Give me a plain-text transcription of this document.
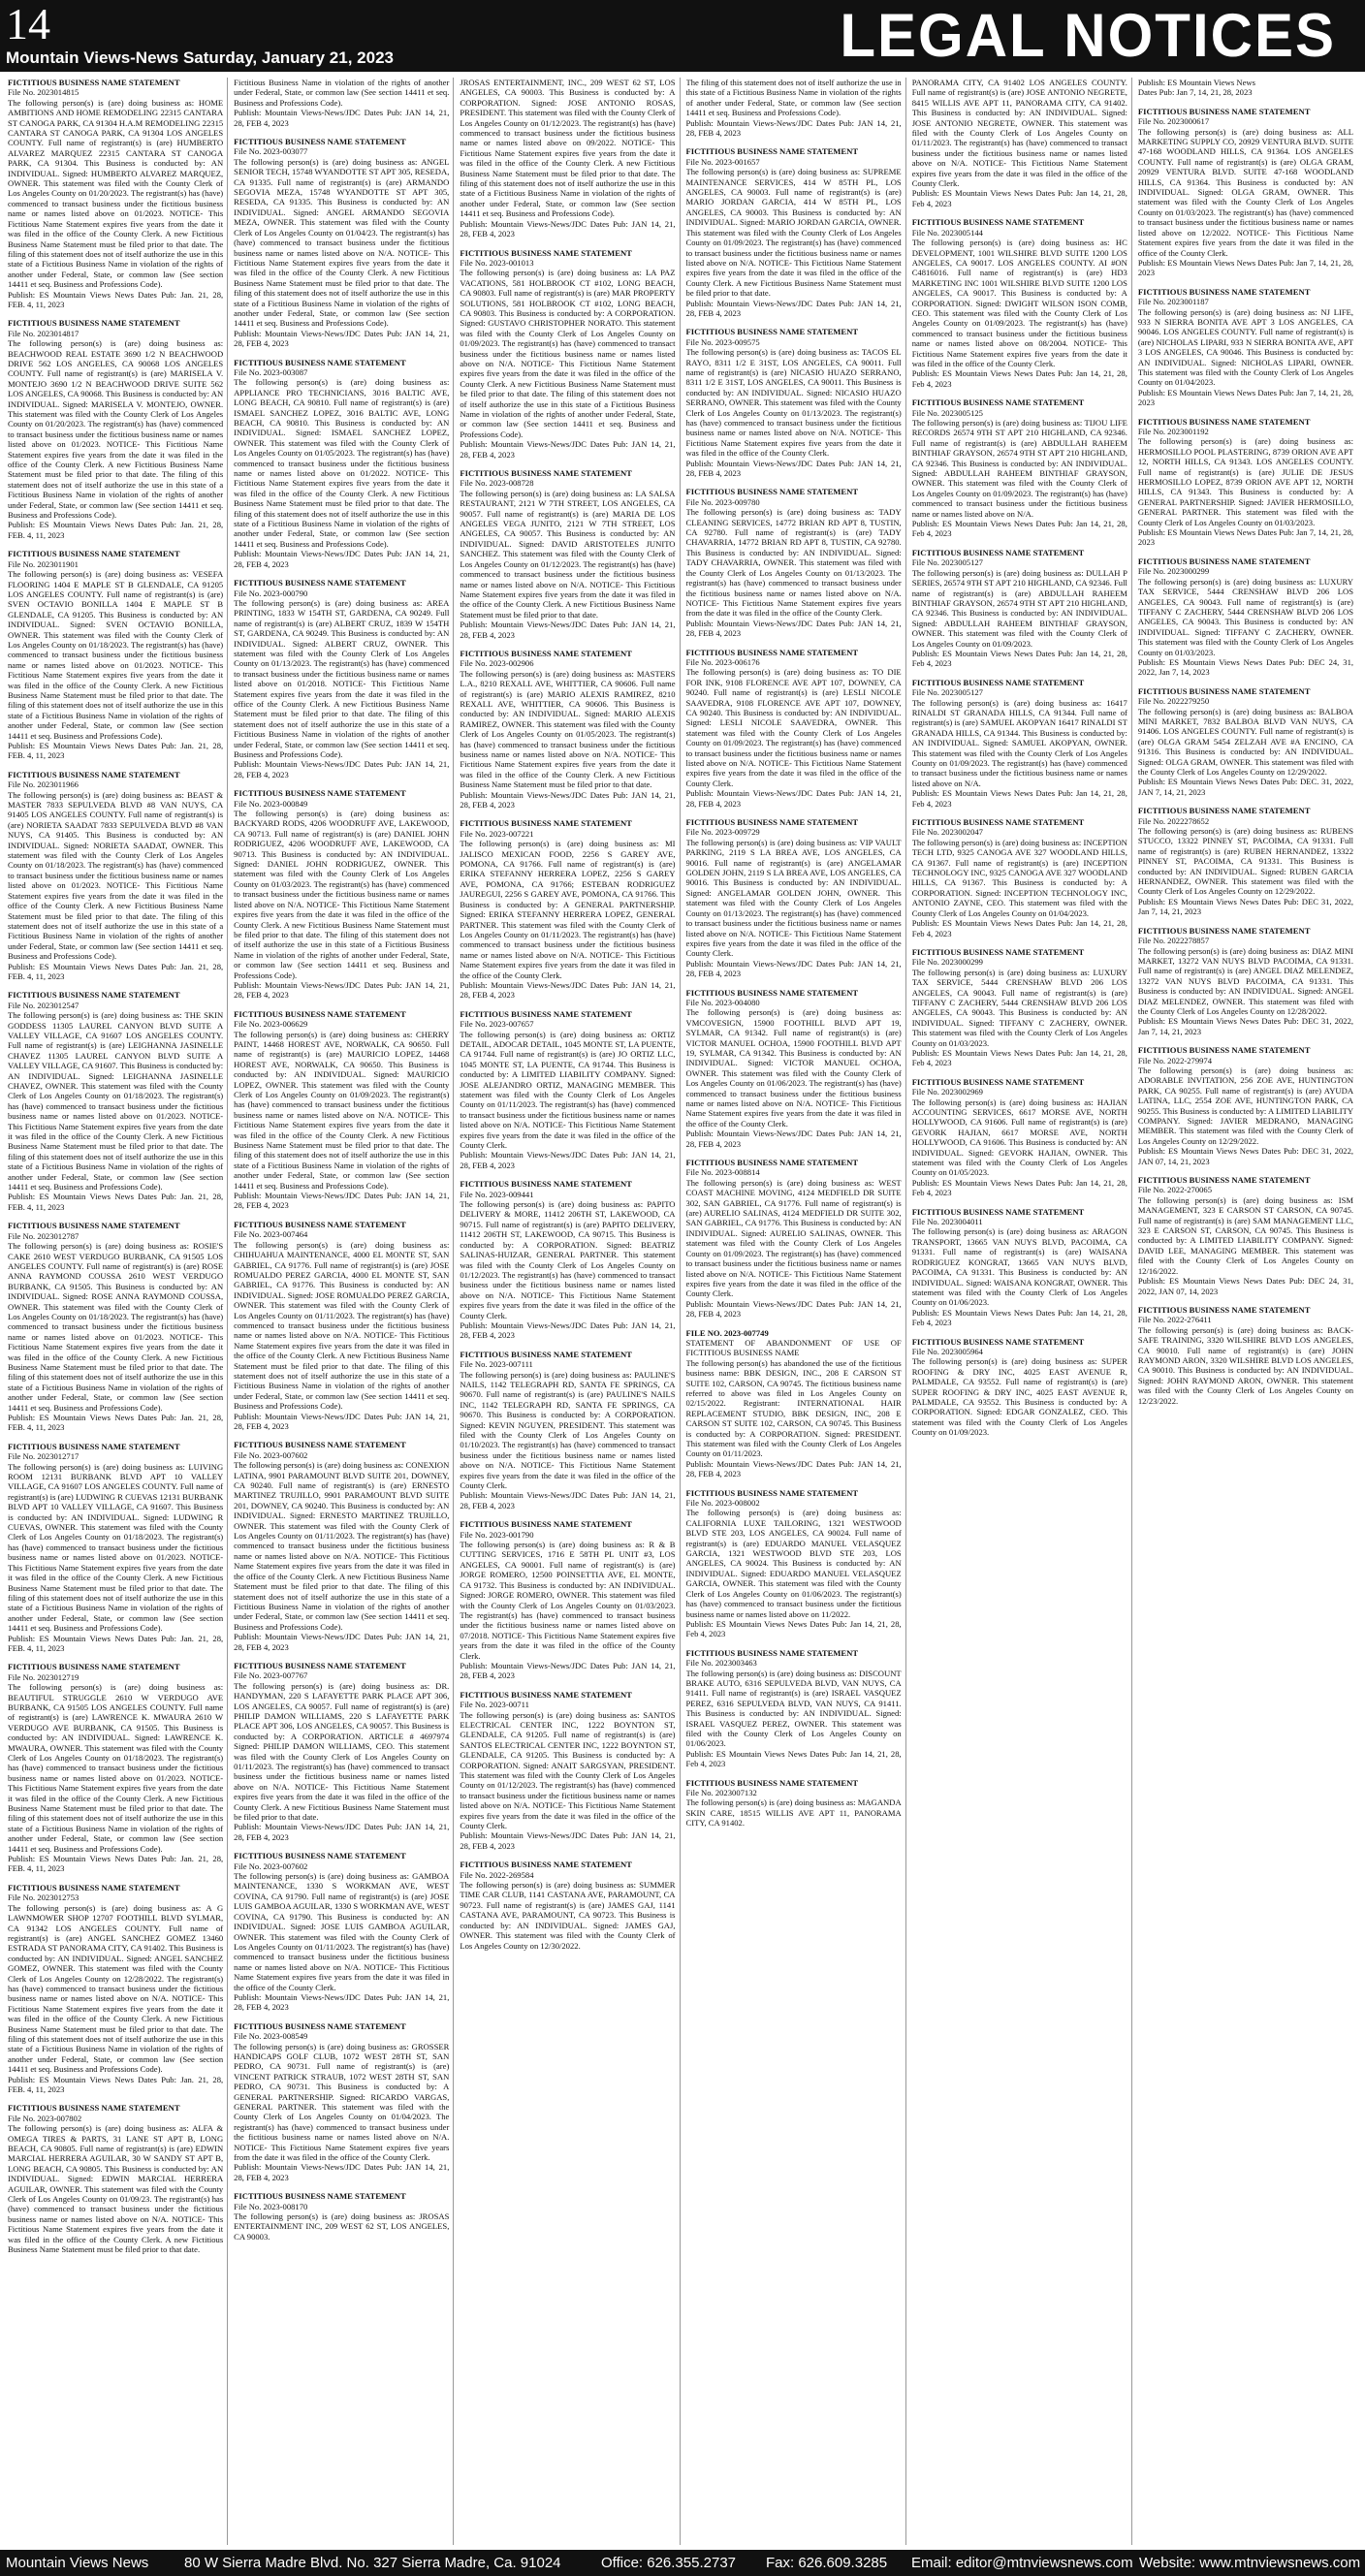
14
Mountain Views-News Saturday, January 21, 2023	LEGAL NOTICES
FICTITIOUS BUSINESS NAME STATEMENT
File No. 2023014815
The following person(s) is (are) doing business as: HOME AMBITIONS AND HOME REMODELING 22315 CANTARA ST CANOGA PARK, CA 91304 H.A.M REMODELING 22315 CANTARA ST CANOGA PARK, CA 91304 LOS ANGELES COUNTY. Full name of registrant(s) is (are) HUMBERTO ALVAREZ MARQUEZ 22315 CANTARA ST CANOGA PARK, CA 91304. This Business is conducted by: AN INDIVIDUAL. Signed: HUMBERTO ALVAREZ MARQUEZ, OWNER. This statement was filed with the County Clerk of Los Angeles County on 01/20/2023. The registrant(s) has (have) commenced to transact business under the fictitious business name or names listed above on 01/2023. NOTICE- This Fictitious Name Statement expires five years from the date it was filed in the office of the County Clerk. A new Fictitious Business Name Statement must be filed prior to that date. The filing of this statement does not of itself authorize the use in this state of a Fictitious Business Name in violation of the rights of another under Federal, State, or common law (See section 14411 et seq. Business and Professions Code).
Publish: ES Mountain Views News Dates Pub: Jan. 21, 28, FEB. 4, 11, 2023
FICTITIOUS BUSINESS NAME STATEMENT
File No. 2023014817
The following person(s) is (are) doing business as: BEACHWOOD REAL ESTATE 3690 1/2 N BEACHWOOD DRIVE 562 LOS ANGELES, CA 90068 LOS ANGELES COUNTY. Full name of registrant(s) is (are) MARISELA V. MONTEJO 3690 1/2 N BEACHWOOD DRIVE SUITE 562 LOS ANGELES, CA 90068. This Business is conducted by: AN INDIVIDUAL. Signed: MARISELA V. MONTEJO, OWNER. This statement was filed with the County Clerk of Los Angeles County on 01/20/2023. The registrant(s) has (have) commenced to transact business under the fictitious business name or names listed above on 01/2023. NOTICE- This Fictitious Name Statement expires five years from the date it was filed in the office of the County Clerk. A new Fictitious Business Name Statement must be filed prior to that date. The filing of this statement does not of itself authorize the use in this state of a Fictitious Business Name in violation of the rights of another under Federal, State, or common law (See section 14411 et seq. Business and Professions Code).
Publish: ES Mountain Views News Dates Pub: Jan. 21, 28, FEB. 4, 11, 2023
FICTITIOUS BUSINESS NAME STATEMENT
File No. 2023011901
The following person(s) is (are) doing business as: VESEFA FLOORING 1404 E MAPLE ST B GLENDALE, CA 91205 LOS ANGELES COUNTY. Full name of registrant(s) is (are) SVEN OCTAVIO BONILLA 1404 E MAPLE ST B GLENDALE, CA 91205. This Business is conducted by: AN INDIVIDUAL. Signed: SVEN OCTAVIO BONILLA, OWNER. This statement was filed with the County Clerk of Los Angeles County on 01/18/2023. The registrant(s) has (have) commenced to transact business under the fictitious business name or names listed above on 01/2023. NOTICE- This Fictitious Name Statement expires five years from the date it was filed in the office of the County Clerk. A new Fictitious Business Name Statement must be filed prior to that date. The filing of this statement does not of itself authorize the use in this state of a Fictitious Business Name in violation of the rights of another under Federal, State, or common law (See section 14411 et seq. Business and Professions Code).
Publish: ES Mountain Views News Dates Pub: Jan. 21, 28, FEB. 4, 11, 2023
FICTITIOUS BUSINESS NAME STATEMENT
File No. 2023011966
The following person(s) is (are) doing business as: BEAST & MASTER 7833 SEPULVEDA BLVD #8 VAN NUYS, CA 91405 LOS ANGELES COUNTY. Full name of registrant(s) is (are) NORIETA SAADAT 7833 SEPULVEDA BLVD #8 VAN NUYS, CA 91405. This Business is conducted by: AN INDIVIDUAL. Signed: NORIETA SAADAT, OWNER. This statement was filed with the County Clerk of Los Angeles County on 01/18/2023. The registrant(s) has (have) commenced to transact business under the fictitious business name or names listed above on 01/2023. NOTICE- This Fictitious Name Statement expires five years from the date it was filed in the office of the County Clerk. A new Fictitious Business Name Statement must be filed prior to that date. The filing of this statement does not of itself authorize the use in this state of a Fictitious Business Name in violation of the rights of another under Federal, State, or common law (See section 14411 et seq. Business and Professions Code).
Publish: ES Mountain Views News Dates Pub: Jan. 21, 28, FEB. 4, 11, 2023
FICTITIOUS BUSINESS NAME STATEMENT
File No. 2023012547
The following person(s) is (are) doing business as: THE SKIN GODDESS 11305 LAUREL CANYON BLVD SUITE A VALLEY VILLAGE, CA 91607 LOS ANGELES COUNTY. Full name of registrant(s) is (are) LEIGHANNA JASINELLE CHAVEZ 11305 LAUREL CANYON BLVD SUITE A VALLEY VILLAGE, CA 91607. This Business is conducted by: AN INDIVIDUAL. Signed: LEIGHANNA JASINELLE CHAVEZ, OWNER. This statement was filed with the County Clerk of Los Angeles County on 01/18/2023. The registrant(s) has (have) commenced to transact business under the fictitious business name or names listed above on 01/2023. NOTICE- This Fictitious Name Statement expires five years from the date it was filed in the office of the County Clerk. A new Fictitious Business Name Statement must be filed prior to that date. The filing of this statement does not of itself authorize the use in this state of a Fictitious Business Name in violation of the rights of another under Federal, State, or common law (See section 14411 et seq. Business and Professions Code).
Publish: ES Mountain Views News Dates Pub: Jan. 21, 28, FEB. 4, 11, 2023
FICTITIOUS BUSINESS NAME STATEMENT
File No. 2023012787
The following person(s) is (are) doing business as: ROSIE'S CAKE 2610 WEST VERDUGO BURBANK, CA 91505 LOS ANGELES COUNTY. Full name of registrant(s) is (are) ROSE ANNA RAYMOND COUSSA 2610 WEST VERDUGO BURBANK, CA 91505. This Business is conducted by: AN INDIVIDUAL. Signed: ROSE ANNA RAYMOND COUSSA, OWNER. This statement was filed with the County Clerk of Los Angeles County on 01/18/2023. The registrant(s) has (have) commenced to transact business under the fictitious business name or names listed above on 01/2023. NOTICE- This Fictitious Name Statement expires five years from the date it was filed in the office of the County Clerk. A new Fictitious Business Name Statement must be filed prior to that date. The filing of this statement does not of itself authorize the use in this state of a Fictitious Business Name in violation of the rights of another under Federal, State, or common law (See section 14411 et seq. Business and Professions Code).
Publish: ES Mountain Views News Dates Pub: Jan. 21, 28, FEB. 4, 11, 2023
FICTITIOUS BUSINESS NAME STATEMENT
File No. 2023012717
The following person(s) is (are) doing business as: LUIVING ROOM 12131 BURBANK BLVD APT 10 VALLEY VILLAGE, CA 91607 LOS ANGELES COUNTY. Full name of registrant(s) is (are) LUDWING R CUEVAS 12131 BURBANK BLVD APT 10 VALLEY VILLAGE, CA 91607. This Business is conducted by: AN INDIVIDUAL. Signed: LUDWING R CUEVAS, OWNER. This statement was filed with the County Clerk of Los Angeles County on 01/18/2023. The registrant(s) has (have) commenced to transact business under the fictitious business name or names listed above on 01/2023. NOTICE- This Fictitious Name Statement expires five years from the date it was filed in the office of the County Clerk. A new Fictitious Business Name Statement must be filed prior to that date. The filing of this statement does not of itself authorize the use in this state of a Fictitious Business Name in violation of the rights of another under Federal, State, or common law (See section 14411 et seq. Business and Professions Code).
Publish: ES Mountain Views News Dates Pub: Jan. 21, 28, FEB. 4, 11, 2023
FICTITIOUS BUSINESS NAME STATEMENT
File No. 2023012719
The following person(s) is (are) doing business as: BEAUTIFUL STRUGGLE 2610 W VERDUGO AVE BURBANK, CA 91505 LOS ANGELES COUNTY. Full name of registrant(s) is (are) LAWRENCE K. MWAURA 2610 W VERDUGO AVE BURBANK, CA 91505. This Business is conducted by: AN INDIVIDUAL. Signed: LAWRENCE K. MWAURA, OWNER. This statement was filed with the County Clerk of Los Angeles County on 01/18/2023. The registrant(s) has (have) commenced to transact business under the fictitious business name or names listed above on 01/2023. NOTICE- This Fictitious Name Statement expires five years from the date it was filed in the office of the County Clerk. A new Fictitious Business Name Statement must be filed prior to that date. The filing of this statement does not of itself authorize the use in this state of a Fictitious Business Name in violation of the rights of another under Federal, State, or common law (See section 14411 et seq. Business and Professions Code).
Publish: ES Mountain Views News Dates Pub: Jan. 21, 28, FEB. 4, 11, 2023
FICTITIOUS BUSINESS NAME STATEMENT
File No. 2023012753
The following person(s) is (are) doing business as: A G LAWNMOWER SHOP 12707 FOOTHILL BLVD SYLMAR, CA 91342 LOS ANGELES COUNTY. Full name of registrant(s) is (are) ANGEL SANCHEZ GOMEZ 13460 ESTRADA ST PANORAMA CITY, CA 91402. This Business is conducted by: AN INDIVIDUAL. Signed: ANGEL SANCHEZ GOMEZ, OWNER. This statement was filed with the County Clerk of Los Angeles County on 12/28/2022. The registrant(s) has (have) commenced to transact business under the fictitious business name or names listed above on N/A. NOTICE- This Fictitious Name Statement expires five years from the date it was filed in the office of the County Clerk. A new Fictitious Business Name Statement must be filed prior to that date. The filing of this statement does not of itself authorize the use in this state of a Fictitious Business Name in violation of the rights of another under Federal, State, or common law (See section 14411 et seq. Business and Professions Code).
Publish: ES Mountain Views News Dates Pub: Jan. 21, 28, FEB. 4, 11, 2023
FICTITIOUS BUSINESS NAME STATEMENT
File No. 2023-007802
The following person(s) is (are) doing business as: ALFA & OMEGA TIRES & PARTS, 31 LANE ST APT B, LONG BEACH, CA 90805. Full name of registrant(s) is (are) EDWIN MARCIAL HERRERA AGUILAR, 30 W SANDY ST APT B, LONG BEACH, CA 90805. This Business is conducted by: AN INDIVIDUAL. Signed: EDWIN MARCIAL HERRERA AGUILAR, OWNER. This statement was filed with the County Clerk of Los Angeles County on 01/09/23. The registrant(s) has (have) commenced to transact business under the fictitious business name or names listed above on N/A. NOTICE- This Fictitious Name Statement expires five years from the date it was filed in the office of the County Clerk. A new Fictitious Business Name Statement must be filed prior to that date.
Fictitious Business Name in violation of the rights of another under Federal, State, or common law (See section 14411 et seq. Business and Professions Code).
Publish: Mountain Views-News/JDC Dates Pub: JAN 14, 21, 28, FEB 4, 2023
FICTITIOUS BUSINESS NAME STATEMENT
File No. 2023-003077
The following person(s) is (are) doing business as: ANGEL SENIOR TECH, 15748 WYANDOTTE ST APT 305, RESEDA, CA 91335. Full name of registrant(s) is (are) ARMANDO SEGOVIA MEZA, 15748 WYANDOTTE ST APT 305, RESEDA, CA 91335. This Business is conducted by: AN INDIVIDUAL. Signed: ANGEL ARMANDO SEGOVIA MEZA, OWNER. This statement was filed with the County Clerk of Los Angeles County on 01/04/23. The registrant(s) has (have) commenced to transact business under the fictitious business name or names listed above on N/A. NOTICE- This Fictitious Name Statement expires five years from the date it was filed in the office of the County Clerk. A new Fictitious Business Name Statement must be filed prior to that date. The filing of this statement does not of itself authorize the use in this state of a Fictitious Business Name in violation of the rights of another under Federal, State, or common law (See section 14411 et seq. Business and Professions Code).
Publish: Mountain Views-News/JDC Dates Pub: JAN 14, 21, 28, FEB 4, 2023
FICTITIOUS BUSINESS NAME STATEMENT
File No. 2023-003087
The following person(s) is (are) doing business as: APPLIANCE PRO TECHNICIANS, 3016 BALTIC AVE, LONG BEACH, CA 90810. Full name of registrant(s) is (are) ISMAEL SANCHEZ LOPEZ, 3016 BALTIC AVE, LONG BEACH, CA 90810. This Business is conducted by: AN INDIVIDUAL. Signed: ISMAEL SANCHEZ LOPEZ, OWNER. This statement was filed with the County Clerk of Los Angeles County on 01/05/2023. The registrant(s) has (have) commenced to transact business under the fictitious business name or names listed above on 01/2022. NOTICE- This Fictitious Name Statement expires five years from the date it was filed in the office of the County Clerk. A new Fictitious Business Name Statement must be filed prior to that date. The filing of this statement does not of itself authorize the use in this state of a Fictitious Business Name in violation of the rights of another under Federal, State, or common law (See section 14411 et seq. Business and Professions Code).
Publish: Mountain Views-News/JDC Dates Pub: JAN 14, 21, 28, FEB 4, 2023
FICTITIOUS BUSINESS NAME STATEMENT
File No. 2023-000790
The following person(s) is (are) doing business as: AREA PRINTING, 1833 W 154TH ST, GARDENA, CA 90249. Full name of registrant(s) is (are) ALBERT CRUZ, 1839 W 154TH ST, GARDENA, CA 90249. This Business is conducted by: AN INDIVIDUAL. Signed: ALBERT CRUZ, OWNER. This statement was filed with the County Clerk of Los Angeles County on 01/13/2023. The registrant(s) has (have) commenced to transact business under the fictitious business name or names listed above on 01/2018. NOTICE- This Fictitious Name Statement expires five years from the date it was filed in the office of the County Clerk. A new Fictitious Business Name Statement must be filed prior to that date. The filing of this statement does not of itself authorize the use in this state of a Fictitious Business Name in violation of the rights of another under Federal, State, or common law (See section 14411 et seq. Business and Professions Code).
Publish: Mountain Views-News/JDC Dates Pub: JAN 14, 21, 28, FEB 4, 2023
FICTITIOUS BUSINESS NAME STATEMENT
File No. 2023-000849
The following person(s) is (are) doing business as: BACKYARD RODS, 4206 WOODRUFF AVE, LAKEWOOD, CA 90713. Full name of registrant(s) is (are) DANIEL JOHN RODRIGUEZ, 4206 WOODRUFF AVE, LAKEWOOD, CA 90713. This Business is conducted by: AN INDIVIDUAL. Signed: DANIEL JOHN RODRIGUEZ, OWNER. This statement was filed with the County Clerk of Los Angeles County on 01/03/2023. The registrant(s) has (have) commenced to transact business under the fictitious business name or names listed above on N/A. NOTICE- This Fictitious Name Statement expires five years from the date it was filed in the office of the County Clerk. A new Fictitious Business Name Statement must be filed prior to that date. The filing of this statement does not of itself authorize the use in this state of a Fictitious Business Name in violation of the rights of another under Federal, State, or common law (See section 14411 et seq. Business and Professions Code).
Publish: Mountain Views-News/JDC Dates Pub: JAN 14, 21, 28, FEB 4, 2023
FICTITIOUS BUSINESS NAME STATEMENT
File No. 2023-006629
The following person(s) is (are) doing business as: CHERRY PAINT, 14468 HOREST AVE, NORWALK, CA 90650. Full name of registrant(s) is (are) MAURICIO LOPEZ, 14468 HOREST AVE, NORWALK, CA 90650. This Business is conducted by: AN INDIVIDUAL. Signed: MAURICIO LOPEZ, OWNER. This statement was filed with the County Clerk of Los Angeles County on 01/09/2023. The registrant(s) has (have) commenced to transact business under the fictitious business name or names listed above on N/A. NOTICE- This Fictitious Name Statement expires five years from the date it was filed in the office of the County Clerk. A new Fictitious Business Name Statement must be filed prior to that date. The filing of this statement does not of itself authorize the use in this state of a Fictitious Business Name in violation of the rights of another under Federal, State, or common law (See section 14411 et seq. Business and Professions Code).
Publish: Mountain Views-News/JDC Dates Pub: JAN 14, 21, 28, FEB 4, 2023
FICTITIOUS BUSINESS NAME STATEMENT
File No. 2023-007464
The following person(s) is (are) doing business as: CHIHUAHUA MAINTENANCE, 4000 EL MONTE ST, SAN GABRIEL, CA 91776. Full name of registrant(s) is (are) JOSE ROMUALDO PEREZ GARCIA, 4000 EL MONTE ST, SAN GABRIEL, CA 91776. This Business is conducted by: AN INDIVIDUAL. Signed: JOSE ROMUALDO PEREZ GARCIA, OWNER. This statement was filed with the County Clerk of Los Angeles County on 01/11/2023. The registrant(s) has (have) commenced to transact business under the fictitious business name or names listed above on N/A. NOTICE- This Fictitious Name Statement expires five years from the date it was filed in the office of the County Clerk. A new Fictitious Business Name Statement must be filed prior to that date. The filing of this statement does not of itself authorize the use in this state of a Fictitious Business Name in violation of the rights of another under Federal, State, or common law (See section 14411 et seq. Business and Professions Code).
Publish: Mountain Views-News/JDC Dates Pub: JAN 14, 21, 28, FEB 4, 2023
FICTITIOUS BUSINESS NAME STATEMENT
File No. 2023-007602
The following person(s) is (are) doing business as: CONEXION LATINA, 9901 PARAMOUNT BLVD SUITE 201, DOWNEY, CA 90240. Full name of registrant(s) is (are) ERNESTO MARTINEZ TRUJILLO, 9901 PARAMOUNT BLVD SUITE 201, DOWNEY, CA 90240. This Business is conducted by: AN INDIVIDUAL. Signed: ERNESTO MARTINEZ TRUJILLO, OWNER. This statement was filed with the County Clerk of Los Angeles County on 01/11/2023. The registrant(s) has (have) commenced to transact business under the fictitious business name or names listed above on N/A. NOTICE- This Fictitious Name Statement expires five years from the date it was filed in the office of the County Clerk. A new Fictitious Business Name Statement must be filed prior to that date. The filing of this statement does not of itself authorize the use in this state of a Fictitious Business Name in violation of the rights of another under Federal, State, or common law (See section 14411 et seq. Business and Professions Code).
Publish: Mountain Views-News/JDC Dates Pub: JAN 14, 21, 28, FEB 4, 2023
FICTITIOUS BUSINESS NAME STATEMENT
File No. 2023-007767
The following person(s) is (are) doing business as: DR. HANDYMAN, 220 S LAFAYETTE PARK PLACE APT 306, LOS ANGELES, CA 90057. Full name of registrant(s) is (are) PHILIP DAMON WILLIAMS, 220 S LAFAYETTE PARK PLACE APT 306, LOS ANGELES, CA 90057. This Business is conducted by: A CORPORATION. ARTICLE # 4697974 Signed: PHILIP DAMON WILLIAMS, CEO. This statement was filed with the County Clerk of Los Angeles County on 01/11/2023. The registrant(s) has (have) commenced to transact business under the fictitious business name or names listed above on N/A. NOTICE- This Fictitious Name Statement expires five years from the date it was filed in the office of the County Clerk. A new Fictitious Business Name Statement must be filed prior to that date.
Publish: Mountain Views-News/JDC Dates Pub: JAN 14, 21, 28, FEB 4, 2023
FICTITIOUS BUSINESS NAME STATEMENT
File No. 2023-007602
The following person(s) is (are) doing business as: GAMBOA MAINTENANCE, 1330 S WORKMAN AVE, WEST COVINA, CA 91790. Full name of registrant(s) is (are) JOSE LUIS GAMBOA AGUILAR, 1330 S WORKMAN AVE, WEST COVINA, CA 91790. This Business is conducted by: AN INDIVIDUAL. Signed: JOSE LUIS GAMBOA AGUILAR, OWNER. This statement was filed with the County Clerk of Los Angeles County on 01/11/2023. The registrant(s) has (have) commenced to transact business under the fictitious business name or names listed above on N/A. NOTICE- This Fictitious Name Statement expires five years from the date it was filed in the office of the County Clerk.
Publish: Mountain Views-News/JDC Dates Pub: JAN 14, 21, 28, FEB 4, 2023
FICTITIOUS BUSINESS NAME STATEMENT
File No. 2023-008549
The following person(s) is (are) doing business as: GROSSER HANDICAPS GOLF CLUB, 1072 WEST 28TH ST, SAN PEDRO, CA 90731. Full name of registrant(s) is (are) VINCENT PATRICK STRAUB, 1072 WEST 28TH ST, SAN PEDRO, CA 90731. This Business is conducted by: A GENERAL PARTNERSHIP. Signed: RICARDO VARGAS, GENERAL PARTNER. This statement was filed with the County Clerk of Los Angeles County on 01/04/2023. The registrant(s) has (have) commenced to transact business under the fictitious business name or names listed above on N/A. NOTICE- This Fictitious Name Statement expires five years from the date it was filed in the office of the County Clerk.
Publish: Mountain Views-News/JDC Dates Pub: JAN 14, 21, 28, FEB 4, 2023
FICTITIOUS BUSINESS NAME STATEMENT
File No. 2023-008170
The following person(s) is (are) doing business as: JROSAS ENTERTAINMENT INC, 209 WEST 62 ST, LOS ANGELES, CA 90003.
JROSAS ENTERTAINMENT, INC., 209 WEST 62 ST, LOS ANGELES, CA 90003. This Business is conducted by: A CORPORATION. Signed: JOSE ANTONIO ROSAS, PRESIDENT. This statement was filed with the County Clerk of Los Angeles County on 01/12/2023. The registrant(s) has (have) commenced to transact business under the fictitious business name or names listed above on 09/2022. NOTICE- This Fictitious Name Statement expires five years from the date it was filed in the office of the County Clerk. A new Fictitious Business Name Statement must be filed prior to that date. The filing of this statement does not of itself authorize the use in this state of a Fictitious Business Name in violation of the rights of another under Federal, State, or common law (See section 14411 et seq. Business and Professions Code).
Publish: Mountain Views-News/JDC Dates Pub: JAN 14, 21, 28, FEB 4, 2023
FICTITIOUS BUSINESS NAME STATEMENT
File No. 2023-001013
The following person(s) is (are) doing business as: LA PAZ VACATIONS, 581 HOLBROOK CT #102, LONG BEACH, CA 90803. Full name of registrant(s) is (are) MAR PROPERTY SOLUTIONS, 581 HOLBROOK CT #102, LONG BEACH, CA 90803. This Business is conducted by: A CORPORATION. Signed: GUSTAVO CHRISTOPHER NORATO. This statement was filed with the County Clerk of Los Angeles County on 01/09/2023. The registrant(s) has (have) commenced to transact business under the fictitious business name or names listed above on N/A. NOTICE- This Fictitious Name Statement expires five years from the date it was filed in the office of the County Clerk. A new Fictitious Business Name Statement must be filed prior to that date. The filing of this statement does not of itself authorize the use in this state of a Fictitious Business Name in violation of the rights of another under Federal, State, or common law (See section 14411 et seq. Business and Professions Code).
Publish: Mountain Views-News/JDC Dates Pub: JAN 14, 21, 28, FEB 4, 2023
FICTITIOUS BUSINESS NAME STATEMENT
File No. 2023-008728
The following person(s) is (are) doing business as: LA SALSA RESTAURANT, 2121 W 7TH STREET, LOS ANGELES, CA 90057. Full name of registrant(s) is (are) MARIA DE LOS ANGELES VEGA JUNITO, 2121 W 7TH STREET, LOS ANGELES, CA 90057. This Business is conducted by: AN INDIVIDUAL. Signed: DAVID ARISTOTELES JUNITO SANCHEZ. This statement was filed with the County Clerk of Los Angeles County on 01/12/2023. The registrant(s) has (have) commenced to transact business under the fictitious business name or names listed above on N/A. NOTICE- This Fictitious Name Statement expires five years from the date it was filed in the office of the County Clerk. A new Fictitious Business Name Statement must be filed prior to that date.
Publish: Mountain Views-News/JDC Dates Pub: JAN 14, 21, 28, FEB 4, 2023
FICTITIOUS BUSINESS NAME STATEMENT
File No. 2023-002906
The following person(s) is (are) doing business as: MASTERS L.A., 8210 REXALL AVE, WHITTIER, CA 90606. Full name of registrant(s) is (are) MARIO ALEXIS RAMIREZ, 8210 REXALL AVE, WHITTIER, CA 90606. This Business is conducted by: AN INDIVIDUAL. Signed: MARIO ALEXIS RAMIREZ, OWNER. This statement was filed with the County Clerk of Los Angeles County on 01/05/2023. The registrant(s) has (have) commenced to transact business under the fictitious business name or names listed above on N/A. NOTICE- This Fictitious Name Statement expires five years from the date it was filed in the office of the County Clerk. A new Fictitious Business Name Statement must be filed prior to that date.
Publish: Mountain Views-News/JDC Dates Pub: JAN 14, 21, 28, FEB 4, 2023
FICTITIOUS BUSINESS NAME STATEMENT
File No. 2023-007221
The following person(s) is (are) doing business as: MI JALISCO MEXICAN FOOD, 2256 S GAREY AVE, POMONA, CA 91766. Full name of registrant(s) is (are) ERIKA STEFANNY HERRERA LOPEZ, 2256 S GAREY AVE, POMONA, CA 91766; ESTEBAN RODRIGUEZ JAUREGUI, 2256 S GAREY AVE, POMONA, CA 91766. This Business is conducted by: A GENERAL PARTNERSHIP. Signed: ERIKA STEFANNY HERRERA LOPEZ, GENERAL PARTNER. This statement was filed with the County Clerk of Los Angeles County on 01/11/2023. The registrant(s) has (have) commenced to transact business under the fictitious business name or names listed above on N/A. NOTICE- This Fictitious Name Statement expires five years from the date it was filed in the office of the County Clerk.
Publish: Mountain Views-News/JDC Dates Pub: JAN 14, 21, 28, FEB 4, 2023
FICTITIOUS BUSINESS NAME STATEMENT
File No. 2023-007657
The following person(s) is (are) doing business as: ORTIZ DETAIL, ADOCAR DETAIL, 1045 MONTE ST, LA PUENTE, CA 91744. Full name of registrant(s) is (are) JO ORTIZ LLC, 1045 MONTE ST, LA PUENTE, CA 91744. This Business is conducted by: A LIMITED LIABILITY COMPANY. Signed: JOSE ALEJANDRO ORTIZ, MANAGING MEMBER. This statement was filed with the County Clerk of Los Angeles County on 01/11/2023. The registrant(s) has (have) commenced to transact business under the fictitious business name or names listed above on N/A. NOTICE- This Fictitious Name Statement expires five years from the date it was filed in the office of the County Clerk.
Publish: Mountain Views-News/JDC Dates Pub: JAN 14, 21, 28, FEB 4, 2023
FICTITIOUS BUSINESS NAME STATEMENT
File No. 2023-009441
The following person(s) is (are) doing business as: PAPITO DELIVERY & MORE, 11412 206TH ST, LAKEWOOD, CA 90715. Full name of registrant(s) is (are) PAPITO DELIVERY, 11412 206TH ST, LAKEWOOD, CA 90715. This Business is conducted by: A CORPORATION. Signed: BEATRIZ SALINAS-HUIZAR, GENERAL PARTNER. This statement was filed with the County Clerk of Los Angeles County on 01/12/2023. The registrant(s) has (have) commenced to transact business under the fictitious business name or names listed above on N/A. NOTICE- This Fictitious Name Statement expires five years from the date it was filed in the office of the County Clerk.
Publish: Mountain Views-News/JDC Dates Pub: JAN 14, 21, 28, FEB 4, 2023
FICTITIOUS BUSINESS NAME STATEMENT
File No. 2023-007111
The following person(s) is (are) doing business as: PAULINE'S NAILS, 1142 TELEGRAPH RD, SANTA FE SPRINGS, CA 90670. Full name of registrant(s) is (are) PAULINE'S NAILS INC, 1142 TELEGRAPH RD, SANTA FE SPRINGS, CA 90670. This Business is conducted by: A CORPORATION. Signed: KEVIN NGUYEN, PRESIDENT. This statement was filed with the County Clerk of Los Angeles County on 01/10/2023. The registrant(s) has (have) commenced to transact business under the fictitious business name or names listed above on N/A. NOTICE- This Fictitious Name Statement expires five years from the date it was filed in the office of the County Clerk.
Publish: Mountain Views-News/JDC Dates Pub: JAN 14, 21, 28, FEB 4, 2023
FICTITIOUS BUSINESS NAME STATEMENT
File No. 2023-001790
The following person(s) is (are) doing business as: R & B CUTTING SERVICES, 1716 E 58TH PL UNIT #3, LOS ANGELES, CA 90001. Full name of registrant(s) is (are) JORGE ROMERO, 12500 POINSETTIA AVE, EL MONTE, CA 91732. This Business is conducted by: AN INDIVIDUAL. Signed: JORGE ROMERO, OWNER. This statement was filed with the County Clerk of Los Angeles County on 01/03/2023. The registrant(s) has (have) commenced to transact business under the fictitious business name or names listed above on 07/2018. NOTICE- This Fictitious Name Statement expires five years from the date it was filed in the office of the County Clerk.
Publish: Mountain Views-News/JDC Dates Pub: JAN 14, 21, 28, FEB 4, 2023
FICTITIOUS BUSINESS NAME STATEMENT
File No. 2023-00711
The following person(s) is (are) doing business as: SANTOS ELECTRICAL CENTER INC, 1222 BOYNTON ST, GLENDALE, CA 91205. Full name of registrant(s) is (are) SANTOS ELECTRICAL CENTER INC, 1222 BOYNTON ST, GLENDALE, CA 91205. This Business is conducted by: A CORPORATION. Signed: ANAIT SARGSYAN, PRESIDENT. This statement was filed with the County Clerk of Los Angeles County on 01/12/2023. The registrant(s) has (have) commenced to transact business under the fictitious business name or names listed above on N/A. NOTICE- This Fictitious Name Statement expires five years from the date it was filed in the office of the County Clerk.
Publish: Mountain Views-News/JDC Dates Pub: JAN 14, 21, 28, FEB 4, 2023
FICTITIOUS BUSINESS NAME STATEMENT
File No. 2022-269584
The following person(s) is (are) doing business as: SUMMER TIME CAR CLUB, 1141 CASTANA AVE, PARAMOUNT, CA 90723. Full name of registrant(s) is (are) JAMES GAJ, 1141 CASTANA AVE, PARAMOUNT, CA 90723. This Business is conducted by: AN INDIVIDUAL. Signed: JAMES GAJ, OWNER. This statement was filed with the County Clerk of Los Angeles County on 12/30/2022.
The filing of this statement does not of itself authorize the use in this state of a Fictitious Business Name in violation of the rights of another under Federal, State, or common law (See section 14411 et seq. Business and Professions Code).
Publish: Mountain Views-News/JDC Dates Pub: JAN 14, 21, 28, FEB 4, 2023
FICTITIOUS BUSINESS NAME STATEMENT
File No. 2023-001657
The following person(s) is (are) doing business as: SUPREME MAINTENANCE SERVICES, 414 W 85TH PL, LOS ANGELES, CA 90003. Full name of registrant(s) is (are) MARIO JORDAN GARCIA, 414 W 85TH PL, LOS ANGELES, CA 90003. This Business is conducted by: AN INDIVIDUAL. Signed: MARIO JORDAN GARCIA, OWNER. This statement was filed with the County Clerk of Los Angeles County on 01/09/2023. The registrant(s) has (have) commenced to transact business under the fictitious business name or names listed above on N/A. NOTICE- This Fictitious Name Statement expires five years from the date it was filed in the office of the County Clerk. A new Fictitious Business Name Statement must be filed prior to that date.
Publish: Mountain Views-News/JDC Dates Pub: JAN 14, 21, 28, FEB 4, 2023
FICTITIOUS BUSINESS NAME STATEMENT
File No. 2023-009575
The following person(s) is (are) doing business as: TACOS EL RAYO, 8311 1/2 E 31ST, LOS ANGELES, CA 90011. Full name of registrant(s) is (are) NICASIO HUAZO SERRANO, 8311 1/2 E 31ST, LOS ANGELES, CA 90011. This Business is conducted by: AN INDIVIDUAL. Signed: NICASIO HUAZO SERRANO, OWNER. This statement was filed with the County Clerk of Los Angeles County on 01/13/2023. The registrant(s) has (have) commenced to transact business under the fictitious business name or names listed above on N/A. NOTICE- This Fictitious Name Statement expires five years from the date it was filed in the office of the County Clerk.
Publish: Mountain Views-News/JDC Dates Pub: JAN 14, 21, 28, FEB 4, 2023
FICTITIOUS BUSINESS NAME STATEMENT
File No. 2023-009780
The following person(s) is (are) doing business as: TADY CLEANING SERVICES, 14772 BRIAN RD APT 8, TUSTIN, CA 92780. Full name of registrant(s) is (are) TADY CHAVARRIA, 14772 BRIAN RD APT 8, TUSTIN, CA 92780. This Business is conducted by: AN INDIVIDUAL. Signed: TADY CHAVARRIA, OWNER. This statement was filed with the County Clerk of Los Angeles County on 01/13/2023. The registrant(s) has (have) commenced to transact business under the fictitious business name or names listed above on N/A. NOTICE- This Fictitious Name Statement expires five years from the date it was filed in the office of the County Clerk.
Publish: Mountain Views-News/JDC Dates Pub: JAN 14, 21, 28, FEB 4, 2023
FICTITIOUS BUSINESS NAME STATEMENT
File No. 2023-006176
The following person(s) is (are) doing business as: TO DIE FOR INK, 9108 FLORENCE AVE APT 107, DOWNEY, CA 90240. Full name of registrant(s) is (are) LESLI NICOLE SAAVEDRA, 9108 FLORENCE AVE APT 107, DOWNEY, CA 90240. This Business is conducted by: AN INDIVIDUAL. Signed: LESLI NICOLE SAAVEDRA, OWNER. This statement was filed with the County Clerk of Los Angeles County on 01/09/2023. The registrant(s) has (have) commenced to transact business under the fictitious business name or names listed above on N/A. NOTICE- This Fictitious Name Statement expires five years from the date it was filed in the office of the County Clerk.
Publish: Mountain Views-News/JDC Dates Pub: JAN 14, 21, 28, FEB 4, 2023
FICTITIOUS BUSINESS NAME STATEMENT
File No. 2023-009729
The following person(s) is (are) doing business as: VIP VAULT PARKING, 2119 S LA BREA AVE, LOS ANGELES, CA 90016. Full name of registrant(s) is (are) ANGELAMAR GOLDEN JOHN, 2119 S LA BREA AVE, LOS ANGELES, CA 90016. This Business is conducted by: AN INDIVIDUAL. Signed: ANGELAMAR GOLDEN JOHN, OWNER. This statement was filed with the County Clerk of Los Angeles County on 01/13/2023. The registrant(s) has (have) commenced to transact business under the fictitious business name or names listed above on N/A. NOTICE- This Fictitious Name Statement expires five years from the date it was filed in the office of the County Clerk.
Publish: Mountain Views-News/JDC Dates Pub: JAN 14, 21, 28, FEB 4, 2023
FICTITIOUS BUSINESS NAME STATEMENT
File No. 2023-004080
The following person(s) is (are) doing business as: VMCOVESIGN, 15900 FOOTHILL BLVD APT 19, SYLMAR, CA 91342. Full name of registrant(s) is (are) VICTOR MANUEL OCHOA, 15900 FOOTHILL BLVD APT 19, SYLMAR, CA 91342. This Business is conducted by: AN INDIVIDUAL. Signed: VICTOR MANUEL OCHOA, OWNER. This statement was filed with the County Clerk of Los Angeles County on 01/06/2023. The registrant(s) has (have) commenced to transact business under the fictitious business name or names listed above on N/A. NOTICE- This Fictitious Name Statement expires five years from the date it was filed in the office of the County Clerk.
Publish: Mountain Views-News/JDC Dates Pub: JAN 14, 21, 28, FEB 4, 2023
FICTITIOUS BUSINESS NAME STATEMENT
File No. 2023-008814
The following person(s) is (are) doing business as: WEST COAST MACHINE MOVING, 4124 MEDFIELD DR SUITE 302, SAN GABRIEL, CA 91776. Full name of registrant(s) is (are) AURELIO SALINAS, 4124 MEDFIELD DR SUITE 302, SAN GABRIEL, CA 91776. This Business is conducted by: AN INDIVIDUAL. Signed: AURELIO SALINAS, OWNER. This statement was filed with the County Clerk of Los Angeles County on 01/09/2023. The registrant(s) has (have) commenced to transact business under the fictitious business name or names listed above on N/A. NOTICE- This Fictitious Name Statement expires five years from the date it was filed in the office of the County Clerk.
Publish: Mountain Views-News/JDC Dates Pub: JAN 14, 21, 28, FEB 4, 2023
FILE NO. 2023-007749
STATEMENT OF ABANDONMENT OF USE OF FICTITIOUS BUSINESS NAME
The following person(s) has abandoned the use of the fictitious business name: BBK DESIGN, INC., 208 E CARSON ST SUITE 102, CARSON, CA 90745. The fictitious business name referred to above was filed in Los Angeles County on 02/15/2022. Registrant: INTERNATIONAL HAIR REPLACEMENT STUDIO, BBK DESIGN, INC, 208 E CARSON ST SUITE 102, CARSON, CA 90745. This Business is conducted by: A CORPORATION. Signed: PRESIDENT. This statement was filed with the County Clerk of Los Angeles County on 01/11/2023.
Publish: Mountain Views-News/JDC Dates Pub: JAN 14, 21, 28, FEB 4, 2023
FICTITIOUS BUSINESS NAME STATEMENT
File No. 2023-008002
The following person(s) is (are) doing business as: CALIFORNIA LUXE TAILORING, 1321 WESTWOOD BLVD STE 203, LOS ANGELES, CA 90024. Full name of registrant(s) is (are) EDUARDO MANUEL VELASQUEZ GARCIA, 1321 WESTWOOD BLVD STE 203, LOS ANGELES, CA 90024. This Business is conducted by: AN INDIVIDUAL. Signed: EDUARDO MANUEL VELASQUEZ GARCIA, OWNER. This statement was filed with the County Clerk of Los Angeles County on 01/06/2023. The registrant(s) has (have) commenced to transact business under the fictitious business name or names listed above on 11/2022.
Publish: ES Mountain Views News Dates Pub: Jan 14, 21, 28, Feb 4, 2023
FICTITIOUS BUSINESS NAME STATEMENT
File No. 2023003463
The following person(s) is (are) doing business as: DISCOUNT BRAKE AUTO, 6316 SEPULVEDA BLVD, VAN NUYS, CA 91411. Full name of registrant(s) is (are) ISRAEL VASQUEZ PEREZ, 6316 SEPULVEDA BLVD, VAN NUYS, CA 91411. This Business is conducted by: AN INDIVIDUAL. Signed: ISRAEL VASQUEZ PEREZ, OWNER. This statement was filed with the County Clerk of Los Angeles County on 01/06/2023.
Publish: ES Mountain Views News Dates Pub: Jan 14, 21, 28, Feb 4, 2023
FICTITIOUS BUSINESS NAME STATEMENT
File No. 2023007132
The following person(s) is (are) doing business as: MAGANDA SKIN CARE, 18515 WILLIS AVE APT 11, PANORAMA CITY, CA 91402.
PANORAMA CITY, CA 91402 LOS ANGELES COUNTY. Full name of registrant(s) is (are) JOSE ANTONIO NEGRETE, 8415 WILLIS AVE APT 11, PANORAMA CITY, CA 91402. This Business is conducted by: AN INDIVIDUAL. Signed: JOSE ANTONIO NEGRETE, OWNER. This statement was filed with the County Clerk of Los Angeles County on 01/11/2023. The registrant(s) has (have) commenced to transact business under the fictitious business name or names listed above on N/A. NOTICE- This Fictitious Name Statement expires five years from the date it was filed in the office of the County Clerk.
Publish: ES Mountain Views News Dates Pub: Jan 14, 21, 28, Feb 4, 2023
FICTITIOUS BUSINESS NAME STATEMENT
File No. 2023005144
The following person(s) is (are) doing business as: HC DEVELOPMENT, 1001 WILSHIRE BLVD SUITE 1200 LOS ANGELES, CA 90017. LOS ANGELES COUNTY. AI #ON C4816016. Full name of registrant(s) is (are) HD3 MARKETING INC 1001 WILSHIRE BLVD SUITE 1200 LOS ANGELES, CA 90017. This Business is conducted by: A CORPORATION. Signed: DWIGHT WILSON ISON COMB, CEO. This statement was filed with the County Clerk of Los Angeles County on 01/09/2023. The registrant(s) has (have) commenced to transact business under the fictitious business name or names listed above on 08/2004. NOTICE- This Fictitious Name Statement expires five years from the date it was filed in the office of the County Clerk.
Publish: ES Mountain Views News Dates Pub: Jan 14, 21, 28, Feb 4, 2023
FICTITIOUS BUSINESS NAME STATEMENT
File No. 2023005125
The following person(s) is (are) doing business as: TIJOU LIFE RECORDS 26574 9TH ST APT 210 HIGHLAND, CA 92346. Full name of registrant(s) is (are) ABDULLAH RAHEEM BINTHIAF GRAYSON, 26574 9TH ST APT 210 HIGHLAND, CA 92346. This Business is conducted by: AN INDIVIDUAL. Signed: ABDULLAH RAHEEM BINTHIAF GRAYSON, OWNER. This statement was filed with the County Clerk of Los Angeles County on 01/09/2023. The registrant(s) has (have) commenced to transact business under the fictitious business name or names listed above on N/A.
Publish: ES Mountain Views News Dates Pub: Jan 14, 21, 28, Feb 4, 2023
FICTITIOUS BUSINESS NAME STATEMENT
File No. 2023005127
The following person(s) is (are) doing business as: DULLAH P SERIES, 26574 9TH ST APT 210 HIGHLAND, CA 92346. Full name of registrant(s) is (are) ABDULLAH RAHEEM BINTHIAF GRAYSON, 26574 9TH ST APT 210 HIGHLAND, CA 92346. This Business is conducted by: AN INDIVIDUAL. Signed: ABDULLAH RAHEEM BINTHIAF GRAYSON, OWNER. This statement was filed with the County Clerk of Los Angeles County on 01/09/2023.
Publish: ES Mountain Views News Dates Pub: Jan 14, 21, 28, Feb 4, 2023
FICTITIOUS BUSINESS NAME STATEMENT
File No. 2023005127
The following person(s) is (are) doing business as: 16417 RINALDI ST GRANADA HILLS, CA 91344. Full name of registrant(s) is (are) SAMUEL AKOPYAN 16417 RINALDI ST GRANADA HILLS, CA 91344. This Business is conducted by: AN INDIVIDUAL. Signed: SAMUEL AKOPYAN, OWNER. This statement was filed with the County Clerk of Los Angeles County on 01/09/2023. The registrant(s) has (have) commenced to transact business under the fictitious business name or names listed above on N/A.
Publish: ES Mountain Views News Dates Pub: Jan 14, 21, 28, Feb 4, 2023
FICTITIOUS BUSINESS NAME STATEMENT
File No. 2023002047
The following person(s) is (are) doing business as: INCEPTION TECH LTD, 9325 CANOGA AVE 327 WOODLAND HILLS, CA 91367. Full name of registrant(s) is (are) INCEPTION TECHNOLOGY INC, 9325 CANOGA AVE 327 WOODLAND HILLS, CA 91367. This Business is conducted by: A CORPORATION. Signed: INCEPTION TECHNOLOGY INC, ANTONIO ZAYNE, CEO. This statement was filed with the County Clerk of Los Angeles County on 01/04/2023.
Publish: ES Mountain Views News Dates Pub: Jan 14, 21, 28, Feb 4, 2023
FICTITIOUS BUSINESS NAME STATEMENT
File No. 2023000299
The following person(s) is (are) doing business as: LUXURY TAX SERVICE, 5444 CRENSHAW BLVD 206 LOS ANGELES, CA 90043. Full name of registrant(s) is (are) TIFFANY C ZACHERY, 5444 CRENSHAW BLVD 206 LOS ANGELES, CA 90043. This Business is conducted by: AN INDIVIDUAL. Signed: TIFFANY C ZACHERY, OWNER. This statement was filed with the County Clerk of Los Angeles County on 01/03/2023.
Publish: ES Mountain Views News Dates Pub: Jan 14, 21, 28, Feb 4, 2023
FICTITIOUS BUSINESS NAME STATEMENT
File No. 2023002969
The following person(s) is (are) doing business as: HAJIAN ACCOUNTING SERVICES, 6617 MORSE AVE, NORTH HOLLYWOOD, CA 91606. Full name of registrant(s) is (are) GEVORK HAJIAN, 6617 MORSE AVE, NORTH HOLLYWOOD, CA 91606. This Business is conducted by: AN INDIVIDUAL. Signed: GEVORK HAJIAN, OWNER. This statement was filed with the County Clerk of Los Angeles County on 01/05/2023.
Publish: ES Mountain Views News Dates Pub: Jan 14, 21, 28, Feb 4, 2023
FICTITIOUS BUSINESS NAME STATEMENT
File No. 2023004011
The following person(s) is (are) doing business as: ARAGON TRANSPORT, 13665 VAN NUYS BLVD, PACOIMA, CA 91331. Full name of registrant(s) is (are) WAISANA RODRIGUEZ KONGRAT, 13665 VAN NUYS BLVD, PACOIMA, CA 91331. This Business is conducted by: AN INDIVIDUAL. Signed: WAISANA KONGRAT, OWNER. This statement was filed with the County Clerk of Los Angeles County on 01/06/2023.
Publish: ES Mountain Views News Dates Pub: Jan 14, 21, 28, Feb 4, 2023
FICTITIOUS BUSINESS NAME STATEMENT
File No. 2023005964
The following person(s) is (are) doing business as: SUPER ROOFING & DRY INC, 4025 EAST AVENUE R, PALMDALE, CA 93552. Full name of registrant(s) is (are) SUPER ROOFING & DRY INC, 4025 EAST AVENUE R, PALMDALE, CA 93552. This Business is conducted by: A CORPORATION. Signed: EDGAR GONZALEZ, CEO. This statement was filed with the County Clerk of Los Angeles County on 01/09/2023.
Publish: ES Mountain Views News
Dates Pub: Jan 7, 14, 21, 28, 2023
FICTITIOUS BUSINESS NAME STATEMENT
File No. 2023000617
The following person(s) is (are) doing business as: ALL MARKETING SUPPLY CO, 20929 VENTURA BLVD. SUITE 47-168 WOODLAND HILLS, CA 91364. LOS ANGELES COUNTY. Full name of registrant(s) is (are) OLGA GRAM, 20929 VENTURA BLVD. SUITE 47-168 WOODLAND HILLS, CA 91364. This Business is conducted by: AN INDIVIDUAL. Signed: OLGA GRAM, OWNER. This statement was filed with the County Clerk of Los Angeles County on 01/03/2023. The registrant(s) has (have) commenced to transact business under the fictitious business name or names listed above on 12/2022. NOTICE- This Fictitious Name Statement expires five years from the date it was filed in the office of the County Clerk.
Publish: ES Mountain Views News Dates Pub: Jan 7, 14, 21, 28, 2023
FICTITIOUS BUSINESS NAME STATEMENT
File No. 2023001187
The following person(s) is (are) doing business as: NJ LIFE, 933 N SIERRA BONITA AVE APT 3 LOS ANGELES, CA 90046. LOS ANGELES COUNTY. Full name of registrant(s) is (are) NICHOLAS LIPARI, 933 N SIERRA BONITA AVE, APT 3 LOS ANGELES, CA 90046. This Business is conducted by: AN INDIVIDUAL. Signed: NICHOLAS LIPARI, OWNER. This statement was filed with the County Clerk of Los Angeles County on 01/04/2023.
Publish: ES Mountain Views News Dates Pub: Jan 7, 14, 21, 28, 2023
FICTITIOUS BUSINESS NAME STATEMENT
File No. 2023001192
The following person(s) is (are) doing business as: HERMOSILLO POOL PLASTERING, 8739 ORION AVE APT 12, NORTH HILLS, CA 91343. LOS ANGELES COUNTY. Full name of registrant(s) is (are) JULIE DE JESUS HERMOSILLO LOPEZ, 8739 ORION AVE APT 12, NORTH HILLS, CA 91343. This Business is conducted by: A GENERAL PARTNERSHIP. Signed: JAVIER HERMOSILLO, GENERAL PARTNER. This statement was filed with the County Clerk of Los Angeles County on 01/03/2023.
Publish: ES Mountain Views News Dates Pub: Jan 7, 14, 21, 28, 2023
FICTITIOUS BUSINESS NAME STATEMENT
File No. 2023000299
The following person(s) is (are) doing business as: LUXURY TAX SERVICE, 5444 CRENSHAW BLVD 206 LOS ANGELES, CA 90043. Full name of registrant(s) is (are) TIFFANY C ZACHERY, 5444 CRENSHAW BLVD 206 LOS ANGELES, CA 90043. This Business is conducted by: AN INDIVIDUAL. Signed: TIFFANY C ZACHERY, OWNER. This statement was filed with the County Clerk of Los Angeles County on 01/03/2023.
Publish: ES Mountain Views News Dates Pub: DEC 24, 31, 2022, Jan 7, 14, 2023
FICTITIOUS BUSINESS NAME STATEMENT
File No. 2022279250
The following person(s) is (are) doing business as: BALBOA MINI MARKET, 7832 BALBOA BLVD VAN NUYS, CA 91406. LOS ANGELES COUNTY. Full name of registrant(s) is (are) OLGA GRAM 5454 ZELZAH AVE #A ENCINO, CA 91316. This Business is conducted by: AN INDIVIDUAL. Signed: OLGA GRAM, OWNER. This statement was filed with the County Clerk of Los Angeles County on 12/29/2022.
Publish: ES Mountain Views News Dates Pub: DEC. 31, 2022, JAN 7, 14, 21, 2023
FICTITIOUS BUSINESS NAME STATEMENT
File No. 2022278652
The following person(s) is (are) doing business as: RUBENS STUCCO, 13322 PINNEY ST, PACOIMA, CA 91331. Full name of registrant(s) is (are) RUBEN HERNANDEZ, 13322 PINNEY ST, PACOIMA, CA 91331. This Business is conducted by: AN INDIVIDUAL. Signed: RUBEN GARCIA HERNANDEZ, OWNER. This statement was filed with the County Clerk of Los Angeles County on 12/29/2022.
Publish: ES Mountain Views News Dates Pub: DEC 31, 2022, Jan 7, 14, 21, 2023
FICTITIOUS BUSINESS NAME STATEMENT
File No. 2022278857
The following person(s) is (are) doing business as: DIAZ MINI MARKET, 13272 VAN NUYS BLVD PACOIMA, CA 91331. Full name of registrant(s) is (are) ANGEL DIAZ MELENDEZ, 13272 VAN NUYS BLVD PACOIMA, CA 91331. This Business is conducted by: AN INDIVIDUAL. Signed: ANGEL DIAZ MELENDEZ, OWNER. This statement was filed with the County Clerk of Los Angeles County on 12/28/2022.
Publish: ES Mountain Views News Dates Pub: DEC 31, 2022, Jan 7, 14, 21, 2023
FICTITIOUS BUSINESS NAME STATEMENT
File No. 2022-279974
The following person(s) is (are) doing business as: ADORABLE INVITATION, 256 ZOE AVE, HUNTINGTON PARK, CA 90255. Full name of registrant(s) is (are) AYUDA LATINA, LLC, 2554 ZOE AVE, HUNTINGTON PARK, CA 90255. This Business is conducted by: A LIMITED LIABILITY COMPANY. Signed: JAVIER MEDRANO, MANAGING MEMBER. This statement was filed with the County Clerk of Los Angeles County on 12/29/2022.
Publish: ES Mountain Views News Dates Pub: DEC 31, 2022, JAN 07, 14, 21, 2023
FICTITIOUS BUSINESS NAME STATEMENT
File No. 2022-270065
The following person(s) is (are) doing business as: ISM MANAGEMENT, 323 E CARSON ST CARSON, CA 90745. Full name of registrant(s) is (are) SAM MANAGEMENT LLC, 323 E CARSON ST, CARSON, CA 90745. This Business is conducted by: A LIMITED LIABILITY COMPANY. Signed: DAVID LEE, MANAGING MEMBER. This statement was filed with the County Clerk of Los Angeles County on 12/16/2022.
Publish: ES Mountain Views News Dates Pub: DEC 24, 31, 2022, JAN 07, 14, 2023
FICTITIOUS BUSINESS NAME STATEMENT
File No. 2022-276411
The following person(s) is (are) doing business as: BACK-SAFE TRAINING, 3320 WILSHIRE BLVD LOS ANGELES, CA 90010. Full name of registrant(s) is (are) JOHN RAYMOND ARON, 3320 WILSHIRE BLVD LOS ANGELES, CA 90010. This Business is conducted by: AN INDIVIDUAL. Signed: JOHN RAYMOND ARON, OWNER. This statement was filed with the County Clerk of Los Angeles County on 12/23/2022.
Mountain Views News 80 W Sierra Madre Blvd. No. 327 Sierra Madre, Ca. 91024	Office: 626.355.2737 Fax: 626.609.3285 Email: editor@mtnviewsnews.com Website: www.mtnviewsnews.com
